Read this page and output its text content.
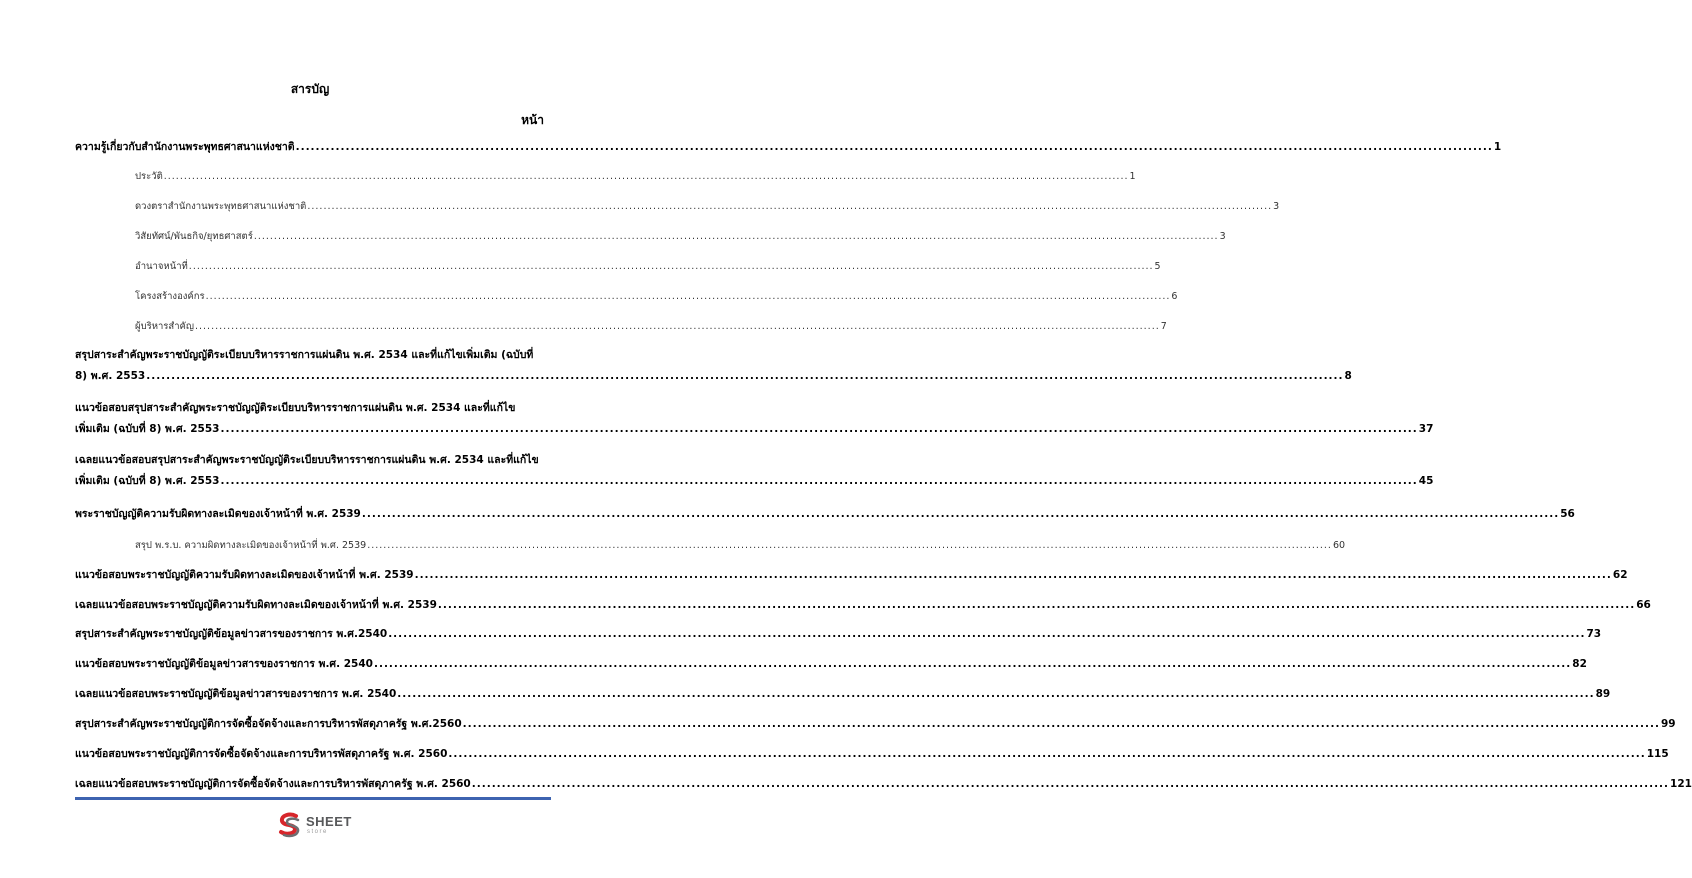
สารบัญ
หน้า
ความรู้เกี่ยวกับสำนักงานพระพุทธศาสนาแห่งชาติ .....	1
ประวัติ .....	1
ดวงตราสำนักงานพระพุทธศาสนาแห่งชาติ .....	3
วิสัยทัศน์/พันธกิจ/ยุทธศาสตร์ .....	3
อำนาจหน้าที่ .....	5
โครงสร้างองค์กร .....	6
ผู้บริหารสำคัญ .....	7
สรุปสาระสำคัญพระราชบัญญัติระเบียบบริหารราชการแผ่นดิน พ.ศ. 2534 และที่แก้ไขเพิ่มเติม (ฉบับที่
8) พ.ศ. 2553 .....	8
แนวข้อสอบสรุปสาระสำคัญพระราชบัญญัติระเบียบบริหารราชการแผ่นดิน พ.ศ. 2534 และที่แก้ไข
เพิ่มเติม (ฉบับที่ 8) พ.ศ. 2553 .....	37
เฉลยแนวข้อสอบสรุปสาระสำคัญพระราชบัญญัติระเบียบบริหารราชการแผ่นดิน พ.ศ. 2534 และที่แก้ไข
เพิ่มเติม (ฉบับที่ 8) พ.ศ. 2553 .....	45
พระราชบัญญัติความรับผิดทางละเมิดของเจ้าหน้าที่ พ.ศ. 2539 .....	56
สรุป พ.ร.บ. ความผิดทางละเมิดของเจ้าหน้าที่ พ.ศ. 2539 .....	60
แนวข้อสอบพระราชบัญญัติความรับผิดทางละเมิดของเจ้าหน้าที่ พ.ศ. 2539 .....	62
เฉลยแนวข้อสอบพระราชบัญญัติความรับผิดทางละเมิดของเจ้าหน้าที่ พ.ศ. 2539 .....	66
สรุปสาระสำคัญพระราชบัญญัติข้อมูลข่าวสารของราชการ พ.ศ.2540 .....	73
แนวข้อสอบพระราชบัญญัติข้อมูลข่าวสารของราชการ พ.ศ. 2540 .....	82
เฉลยแนวข้อสอบพระราชบัญญัติข้อมูลข่าวสารของราชการ พ.ศ. 2540 .....	89
สรุปสาระสำคัญพระราชบัญญัติการจัดซื้อจัดจ้างและการบริหารพัสดุภาครัฐ พ.ศ.2560 .....	99
แนวข้อสอบพระราชบัญญัติการจัดซื้อจัดจ้างและการบริหารพัสดุภาครัฐ พ.ศ. 2560 .....	115
เฉลยแนวข้อสอบพระราชบัญญัติการจัดซื้อจัดจ้างและการบริหารพัสดุภาครัฐ พ.ศ. 2560 .....	121
SHEET
store
